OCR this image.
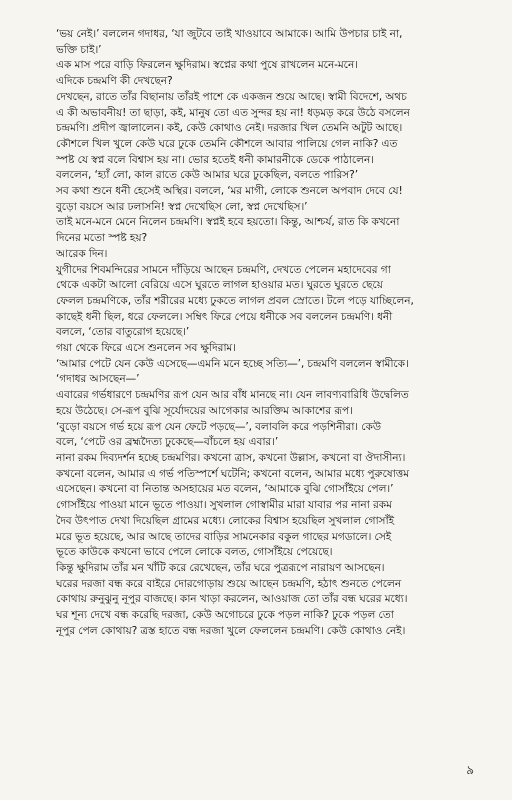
‘ভয় নেই।’ বললেন গদাধর, ‘যা জুটবে তাই খাওয়াবে আমাকে। আমি উপচার চাই না,
ভক্তি চাই।’
এক মাস পরে বাড়ি ফিরলেন ক্ষুদিরাম। স্বপ্নের কথা পুষে রাখলেন মনে-মনে।
এদিকে চন্দ্রমণি কী দেখছেন?
দেখছেন, রাতে তাঁর বিছানায় তাঁরই পাশে কে একজন শুয়ে আছে। স্বামী বিদেশে, অথচ
এ কী অভাবনীয়! তা ছাড়া, কই, মানুষ তো এত সুন্দর হয় না! ধড়মড় করে উঠে বসলেন
চন্দ্রমণি। প্রদীপ জ্বালালেন। কই, কেউ কোথাও নেই। দরজার খিল তেমনি অটুট আছে।
কৌশলে খিল খুলে কেউ ঘরে ঢুকে তেমনি কৌশলে আবার পালিয়ে গেল নাকি? এত
স্পষ্ট যে স্বপ্ন বলে বিশ্বাস হয় না। ভোর হতেই ধনী কামারনীকে ডেকে পাঠালেন।
বললেন, ‘হ্যাঁ লো, কাল রাতে কেউ আমার ঘরে ঢুকেছিল, বলতে পারিস?’
সব কথা শুনে ধনী হেসেই অস্থির। বললে, ‘মর মাগী, লোকে শুনলে অপবাদ দেবে যে!
বুড়ো বয়সে আর ঢলাসনি! স্বপ্ন দেখেছিস লো, স্বপ্ন দেখেছিস।’
তাই মনে-মনে মেনে নিলেন চন্দ্রমণি। স্বপ্নই হবে হয়তো। কিন্তু, আশ্চর্য, রাত কি কখনো
দিনের মতো স্পষ্ট হয়?
আরেক দিন।
যুগীদের শিবমন্দিরের সামনে দাঁড়িয়ে আছেন চন্দ্রমণি, দেখতে পেলেন মহাদেবের গা
থেকে একটা আলো বেরিয়ে এসে ঘুরতে লাগল হাওয়ার মত। ঘুরতে ঘুরতে ছেয়ে
ফেলল চন্দ্রমণিকে, তাঁর শরীরের মধ্যে ঢুকতে লাগল প্রবল স্রোতে। টলে পড়ে যাচ্ছিলেন,
কাছেই ধনী ছিল, ধরে ফেললে। সম্বিৎ ফিরে পেয়ে ধনীকে সব বললেন চন্দ্রমণি। ধনী
বললে, ‘তোর বাতুরোগ হয়েছে।’
গয়া থেকে ফিরে এসে শুনলেন সব ক্ষুদিরাম।
‘আমার পেটে যেন কেউ এসেছে—এমনি মনে হচ্ছে সত্যি—’, চন্দ্রমণি বললেন স্বামীকে।
‘গদাধর আসছেন—’
এবারের গর্ভধারণে চন্দ্রমণির রূপ যেন আর বাঁধ মানছে না। যেন লাবণ্যবারিধি উদ্বেলিত
হয়ে উঠেছে। সে-রূপ বুঝি সূর্যোদয়ের আগেকার আরক্তিম আকাশের রূপ।
‘বুড়ো বয়সে গর্ভ হয়ে রূপ যেন ফেটে পড়ছে—’, বলাবলি করে পড়শিনীরা। কেউ
বলে, ‘পেটে ওর ব্রহ্মদৈত্য ঢুকেছে—বাঁচলে হয় এবার।’
নানা রকম দিব্যদর্শন হচ্ছে চন্দ্রমণির। কখনো ত্রাস, কখনো উল্লাস, কখনো বা ঔদাসীন্য।
কখনো বলেন, আমার এ গর্ভ পতিস্পর্শে ঘটেনি; কখনো বলেন, আমার মধ্যে পুরুষোত্তম
এসেছেন। কখনো বা নিতান্ত অসহায়ের মত বলেন, ‘আমাকে বুঝি গোসাঁইয়ে পেল।’
গোসাঁইয়ে পাওয়া মানে ভূতে পাওয়া। সুখলাল গোস্বামীর মারা যাবার পর নানা রকম
দৈব উৎপাত দেখা দিয়েছিল গ্রামের মধ্যে। লোকের বিশ্বাস হয়েছিল সুখলাল গোসাঁই
মরে ভূত হয়েছে, আর আছে তাদের বাড়ির সামনেকার বকুল গাছের মগডালে। সেই
ভূতে কাউকে কখনো ভাবে পেলে লোকে বলত, গোসাঁইয়ে পেয়েছে।
কিন্তু ক্ষুদিরাম তাঁর মন খাঁটি করে রেখেছেন, তাঁর ঘরে পুত্ররূপে নারায়ণ আসছেন।
ঘরের দরজা বন্ধ করে বাইরে দোরগোড়ায় শুয়ে আছেন চন্দ্রমণি, হঠাৎ শুনতে পেলেন
কোথায় রুনুঝুনু নূপুর বাজছে। কান খাড়া করলেন, আওয়াজ তো তাঁর বন্ধ ঘরের মধ্যে।
ঘর শূন্য দেখে বন্ধ করেছি দরজা, কেউ অগোচরে ঢুকে পড়ল নাকি? ঢুকে পড়ল তো
নূপুর পেল কোথায়? ত্রস্ত হাতে বন্ধ দরজা খুলে ফেললেন চন্দ্রমণি। কেউ কোথাও নেই।
৯
